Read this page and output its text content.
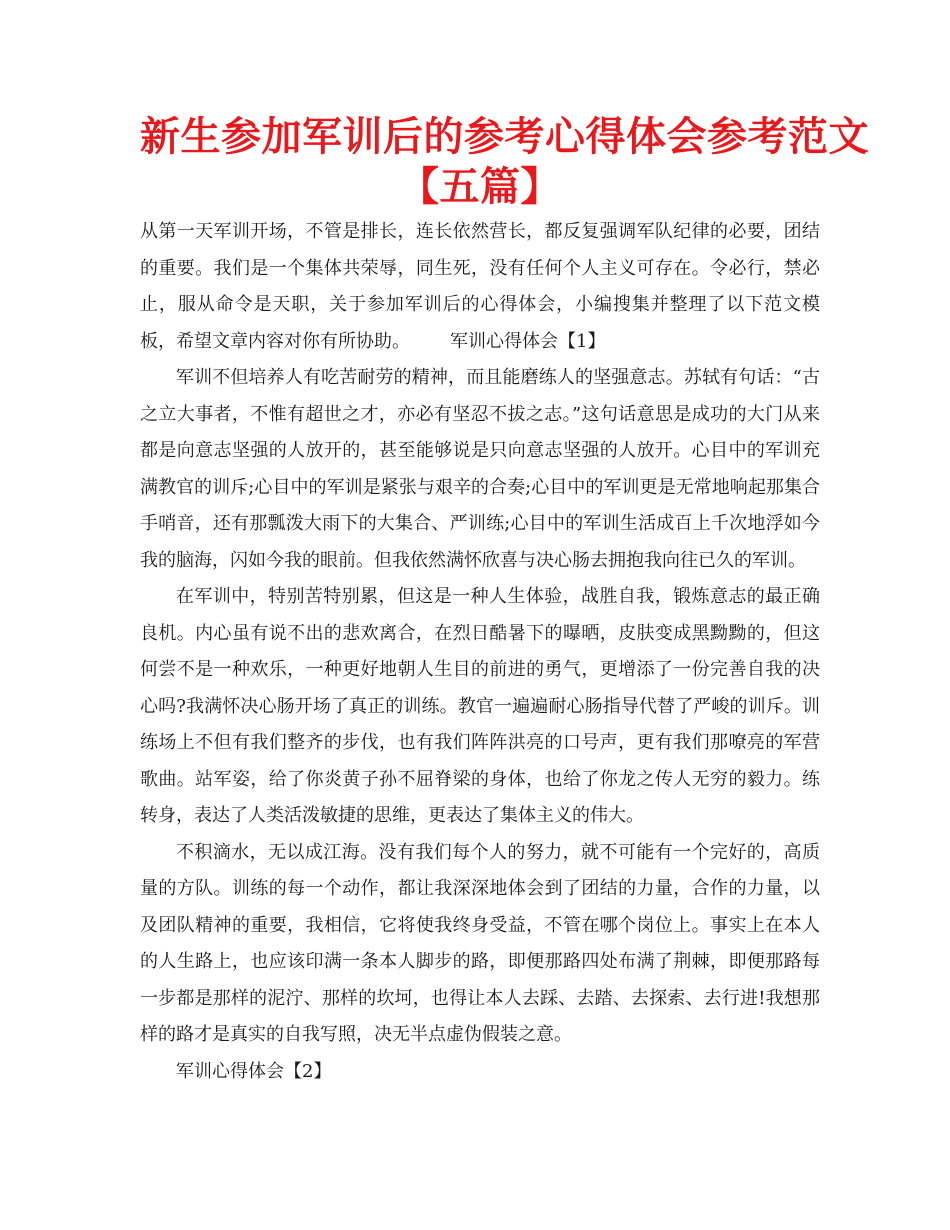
新生参加军训后的参考心得体会参考范文
【五篇】

从第一天军训开场，不管是排长，连长依然营长，都反复强调军队纪律的必要，团结的重要。我们是一个集体共荣辱，同生死，没有任何个人主义可存在。令必行，禁必止，服从命令是天职，关于参加军训后的心得体会，小编搜集并整理了以下范文模板，希望文章内容对你有所协助。 军训心得体会【1】

军训不但培养人有吃苦耐劳的精神，而且能磨练人的坚强意志。苏轼有句话：“古之立大事者，不惟有超世之才，亦必有坚忍不拔之志。”这句话意思是成功的大门从来都是向意志坚强的人放开的，甚至能够说是只向意志坚强的人放开。心目中的军训充满教官的训斥;心目中的军训是紧张与艰辛的合奏;心目中的军训更是无常地响起那集合手哨音，还有那瓢泼大雨下的大集合、严训练;心目中的军训生活成百上千次地浮如今我的脑海，闪如今我的眼前。但我依然满怀欣喜与决心肠去拥抱我向往已久的军训。

在军训中，特别苦特别累，但这是一种人生体验，战胜自我，锻炼意志的最正确良机。内心虽有说不出的悲欢离合，在烈日酷暑下的曝晒，皮肤变成黑黝黝的，但这何尝不是一种欢乐，一种更好地朝人生目的前进的勇气，更增添了一份完善自我的决心吗?我满怀决心肠开场了真正的训练。教官一遍遍耐心肠指导代替了严峻的训斥。训练场上不但有我们整齐的步伐，也有我们阵阵洪亮的口号声，更有我们那嘹亮的军营歌曲。站军姿，给了你炎黄子孙不屈脊梁的身体，也给了你龙之传人无穷的毅力。练转身，表达了人类活泼敏捷的思维，更表达了集体主义的伟大。

不积滴水，无以成江海。没有我们每个人的努力，就不可能有一个完好的，高质量的方队。训练的每一个动作，都让我深深地体会到了团结的力量，合作的力量，以及团队精神的重要，我相信，它将使我终身受益，不管在哪个岗位上。事实上在本人的人生路上，也应该印满一条本人脚步的路，即便那路四处布满了荆棘，即便那路每一步都是那样的泥泞、那样的坎坷，也得让本人去踩、去踏、去探索、去行进!我想那样的路才是真实的自我写照，决无半点虚伪假装之意。

军训心得体会【2】
